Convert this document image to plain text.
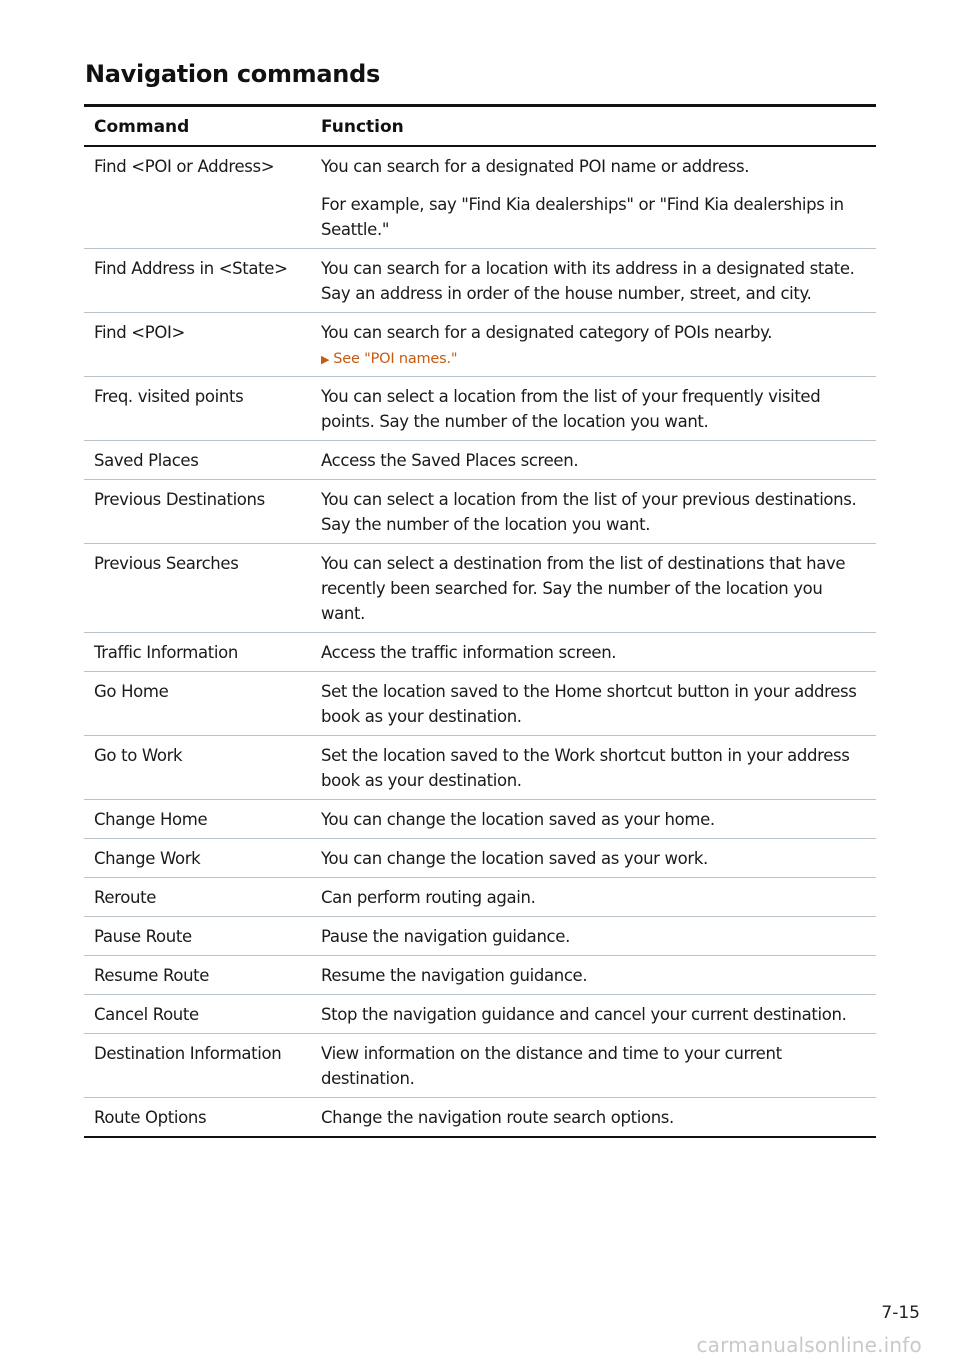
Navigation commands
Command	Function
Find <POI or Address>	You can search for a designated POI name or address.

For example, say "Find Kia dealerships" or "Find Kia dealerships in Seattle."

Find Address in <State>	You can search for a location with its address in a designated state. Say an address in order of the house number, street, and city.

Find <POI>	You can search for a designated category of POIs nearby.

▶ See "POI names."

Freq. visited points	You can select a location from the list of your frequently visited points. Say the number of the location you want.

Saved Places	Access the Saved Places screen.

Previous Destinations	You can select a location from the list of your previous destinations. Say the number of the location you want.

Previous Searches	You can select a destination from the list of destinations that have recently been searched for. Say the number of the location you want.

Traffic Information	Access the traffic information screen.

Go Home	Set the location saved to the Home shortcut button in your address book as your destination.

Go to Work	Set the location saved to the Work shortcut button in your address book as your destination.

Change Home	You can change the location saved as your home.

Change Work	You can change the location saved as your work.

Reroute	Can perform routing again.

Pause Route	Pause the navigation guidance.

Resume Route	Resume the navigation guidance.

Cancel Route	Stop the navigation guidance and cancel your current destination.

Destination Information	View information on the distance and time to your current destination.

Route Options	Change the navigation route search options.

7-15
carmanualsonline.info
